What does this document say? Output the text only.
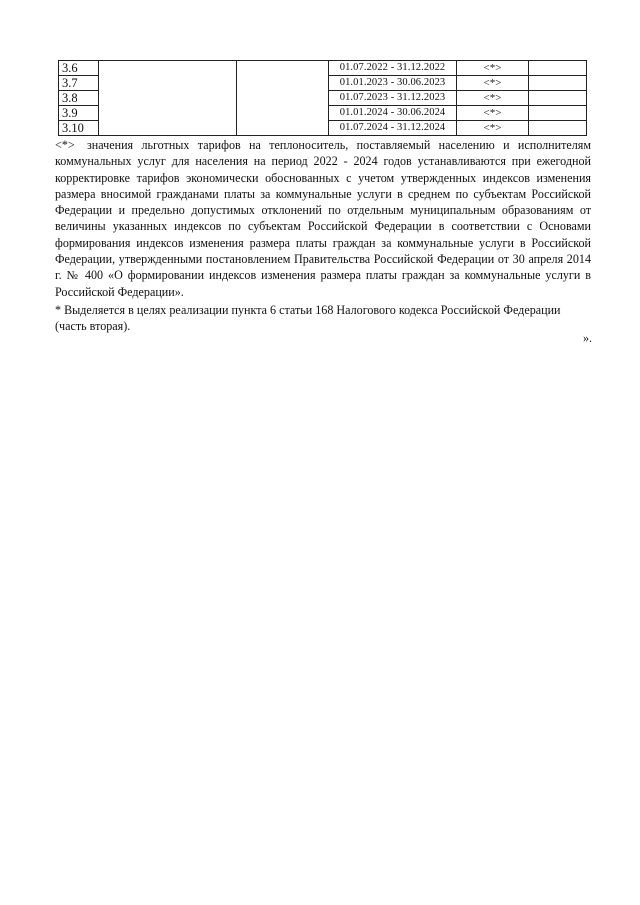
3.6			01.07.2022 - 31.12.2022	<*>	
3.7			01.01.2023 - 30.06.2023	<*>	
3.8			01.07.2023 - 31.12.2023	<*>	
3.9			01.01.2024 - 30.06.2024	<*>	
3.10			01.07.2024 - 31.12.2024	<*>	

<*> значения льготных тарифов на теплоноситель, поставляемый населению и исполнителям коммунальных услуг для населения на период 2022 - 2024 годов устанавливаются при ежегодной корректировке тарифов экономически обоснованных с учетом утвержденных индексов изменения размера вносимой гражданами платы за коммунальные услуги в среднем по субъектам Российской Федерации и предельно допустимых отклонений по отдельным муниципальным образованиям от величины указанных индексов по субъектам Российской Федерации в соответствии с Основами формирования индексов изменения размера платы граждан за коммунальные услуги в Российской Федерации, утвержденными постановлением Правительства Российской Федерации от 30 апреля 2014 г. № 400 «О формировании индексов изменения размера платы граждан за коммунальные услуги в Российской Федерации».

* Выделяется в целях реализации пункта 6 статьи 168 Налогового кодекса Российской Федерации (часть вторая).

».
